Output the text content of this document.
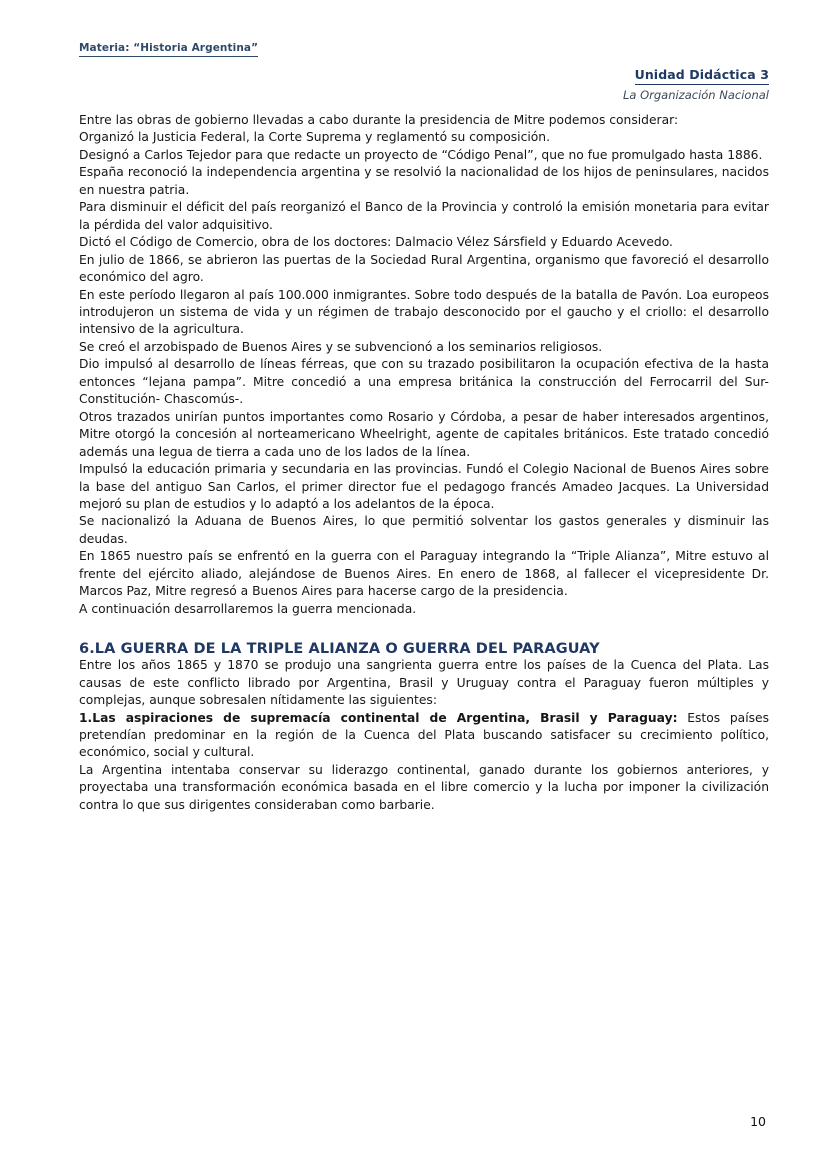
Materia: “Historia Argentina”
Unidad Didáctica 3
La Organización Nacional

Entre las obras de gobierno llevadas a cabo durante la presidencia de Mitre podemos considerar:

Organizó la Justicia Federal, la Corte Suprema y reglamentó su composición.

Designó a Carlos Tejedor para que redacte un proyecto de “Código Penal”, que no fue promulgado hasta 1886.

España reconoció la independencia argentina y se resolvió la nacionalidad de los hijos de peninsulares, nacidos en nuestra patria.

Para disminuir el déficit del país reorganizó el Banco de la Provincia y controló la emisión monetaria para evitar la pérdida del valor adquisitivo.

Dictó el Código de Comercio, obra de los doctores: Dalmacio Vélez Sársfield y Eduardo Acevedo.

En julio de 1866, se abrieron las puertas de la Sociedad Rural Argentina, organismo que favoreció el desarrollo económico del agro.

En este período llegaron al país 100.000 inmigrantes. Sobre todo después de la batalla de Pavón. Loa europeos introdujeron un sistema de vida y un régimen de trabajo desconocido por el gaucho y el criollo: el desarrollo intensivo de la agricultura.

Se creó el arzobispado de Buenos Aires y se subvencionó a los seminarios religiosos.

Dio impulsó al desarrollo de líneas férreas, que con su trazado posibilitaron la ocupación efectiva de la hasta entonces “lejana pampa”. Mitre concedió a una empresa británica la construcción del Ferrocarril del Sur-Constitución- Chascomús-.

Otros trazados unirían puntos importantes como Rosario y Córdoba, a pesar de haber interesados argentinos, Mitre otorgó la concesión al norteamericano Wheelright, agente de capitales británicos. Este tratado concedió además una legua de tierra a cada uno de los lados de la línea.

Impulsó la educación primaria y secundaria en las provincias. Fundó el Colegio Nacional de Buenos Aires sobre la base del antiguo San Carlos, el primer director fue el pedagogo francés Amadeo Jacques. La Universidad mejoró su plan de estudios y lo adaptó a los adelantos de la época.

Se nacionalizó la Aduana de Buenos Aires, lo que permitió solventar los gastos generales y disminuir las deudas.

En 1865 nuestro país se enfrentó en la guerra con el Paraguay integrando la “Triple Alianza”, Mitre estuvo al frente del ejército aliado, alejándose de Buenos Aires. En enero de 1868, al fallecer el vicepresidente Dr. Marcos Paz, Mitre regresó a Buenos Aires para hacerse cargo de la presidencia.

A continuación desarrollaremos la guerra mencionada.

6.LA GUERRA DE LA TRIPLE ALIANZA O GUERRA DEL PARAGUAY

Entre los años 1865 y 1870 se produjo una sangrienta guerra entre los países de la Cuenca del Plata. Las causas de este conflicto librado por Argentina, Brasil y Uruguay contra el Paraguay fueron múltiples y complejas, aunque sobresalen nítidamente las siguientes:

1.Las aspiraciones de supremacía continental de Argentina, Brasil y Paraguay: Estos países pretendían predominar en la región de la Cuenca del Plata buscando satisfacer su crecimiento político, económico, social y cultural.

La Argentina intentaba conservar su liderazgo continental, ganado durante los gobiernos anteriores, y proyectaba una transformación económica basada en el libre comercio y la lucha por imponer la civilización contra lo que sus dirigentes consideraban como barbarie.

10
